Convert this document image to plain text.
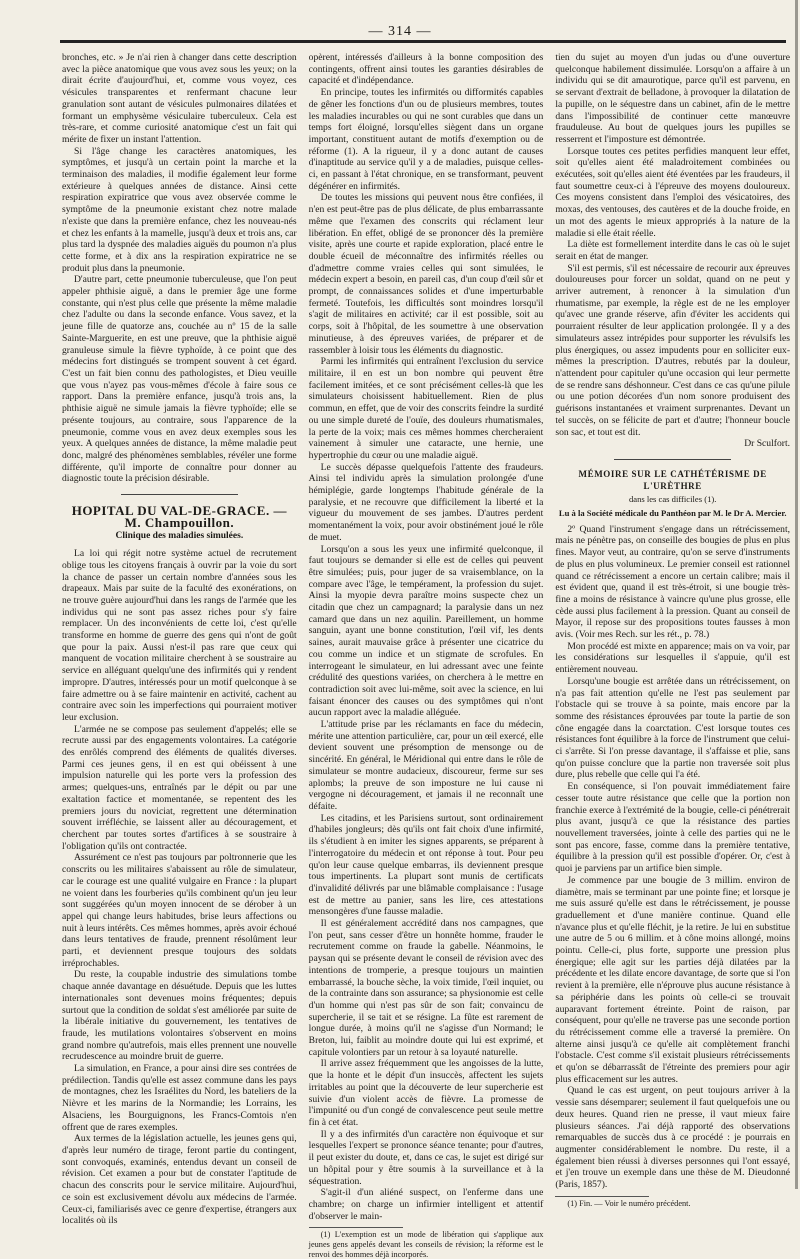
— 314 —

bronches, etc. » Je n'ai rien à changer dans cette description avec la pièce anatomique que vous avez sous les yeux; on la dirait écrite d'aujourd'hui, et, comme vous voyez, ces vésicules transparentes et renfermant chacune leur granulation sont autant de vésicules pulmonaires dilatées et formant un emphysème vésiculaire tuberculeux. Cela est très-rare, et comme curiosité anatomique c'est un fait qui mérite de fixer un instant l'attention.

Si l'âge change les caractères anatomiques, les symptômes, et jusqu'à un certain point la marche et la terminaison des maladies, il modifie également leur forme extérieure à quelques années de distance. Ainsi cette respiration expiratrice que vous avez observée comme le symptôme de la pneumonie existant chez notre malade n'existe que dans la première enfance, chez les nouveau-nés et chez les enfants à la mamelle, jusqu'à deux et trois ans, car plus tard la dyspnée des maladies aiguës du poumon n'a plus cette forme, et à dix ans la respiration expiratrice ne se produit plus dans la pneumonie.

D'autre part, cette pneumonie tuberculeuse, que l'on peut appeler phthisie aiguë, a dans le premier âge une forme constante, qui n'est plus celle que présente la même maladie chez l'adulte ou dans la seconde enfance. Vous savez, et la jeune fille de quatorze ans, couchée au nº 15 de la salle Sainte-Marguerite, en est une preuve, que la phthisie aiguë granuleuse simule la fièvre typhoïde, à ce point que des médecins fort distingués se trompent souvent à cet égard. C'est un fait bien connu des pathologistes, et Dieu veuille que vous n'ayez pas vous-mêmes d'école à faire sous ce rapport. Dans la première enfance, jusqu'à trois ans, la phthisie aiguë ne simule jamais la fièvre typhoïde; elle se présente toujours, au contraire, sous l'apparence de la pneumonie, comme vous en avez deux exemples sous les yeux. A quelques années de distance, la même maladie peut donc, malgré des phénomènes semblables, révéler une forme différente, qu'il importe de connaître pour donner au diagnostic toute la précision désirable.

HOPITAL DU VAL-DE-GRACE. — M. Champouillon.
Clinique des maladies simulées.

La loi qui régit notre système actuel de recrutement oblige tous les citoyens français à ouvrir par la voie du sort la chance de passer un certain nombre d'années sous les drapeaux. Mais par suite de la faculté des exonérations, on ne trouve guère aujourd'hui dans les rangs de l'armée que les individus qui ne sont pas assez riches pour s'y faire remplacer. Un des inconvénients de cette loi, c'est qu'elle transforme en homme de guerre des gens qui n'ont de goût que pour la paix. Aussi n'est-il pas rare que ceux qui manquent de vocation militaire cherchent à se soustraire au service en alléguant quelqu'une des infirmités qui y rendent impropre. D'autres, intéressés pour un motif quelconque à se faire admettre ou à se faire maintenir en activité, cachent au contraire avec soin les imperfections qui pourraient motiver leur exclusion.

L'armée ne se compose pas seulement d'appelés; elle se recrute aussi par des engagements volontaires. La catégorie des enrôlés comprend des éléments de qualités diverses. Parmi ces jeunes gens, il en est qui obéissent à une impulsion naturelle qui les porte vers la profession des armes; quelques-uns, entraînés par le dépit ou par une exaltation factice et momentanée, se repentent des les premiers jours du noviciat, regrettent une détermination souvent irréfléchie, se laissent aller au découragement, et cherchent par toutes sortes d'artifices à se soustraire à l'obligation qu'ils ont contractée.

Assurément ce n'est pas toujours par poltronnerie que les conscrits ou les militaires s'abaissent au rôle de simulateur, car le courage est une qualité vulgaire en France : la plupart ne voient dans les fourberies qu'ils combinent qu'un jeu leur sont suggérées qu'un moyen innocent de se dérober à un appel qui change leurs habitudes, brise leurs affections ou nuit à leurs intérêts. Ces mêmes hommes, après avoir échoué dans leurs tentatives de fraude, prennent résolûment leur parti, et deviennent presque toujours des soldats irréprochables.

Du reste, la coupable industrie des simulations tombe chaque année davantage en désuétude. Depuis que les luttes internationales sont devenues moins fréquentes; depuis surtout que la condition de soldat s'est améliorée par suite de la libérale initiative du gouvernement, les tentatives de fraude, les mutilations volontaires s'observent en moins grand nombre qu'autrefois, mais elles prennent une nouvelle recrudescence au moindre bruit de guerre.

La simulation, en France, a pour ainsi dire ses contrées de prédilection. Tandis qu'elle est assez commune dans les pays de montagnes, chez les Israélites du Nord, les bateliers de la Nièvre et les marins de la Normandie; les Lorrains, les Alsaciens, les Bourguignons, les Francs-Comtois n'en offrent que de rares exemples.

Aux termes de la législation actuelle, les jeunes gens qui, d'après leur numéro de tirage, feront partie du contingent, sont convoqués, examinés, entendus devant un conseil de révision. Cet examen a pour but de constater l'aptitude de chacun des conscrits pour le service militaire. Aujourd'hui, ce soin est exclusivement dévolu aux médecins de l'armée. Ceux-ci, familiarisés avec ce genre d'expertise, étrangers aux localités où ils

opèrent, intéressés d'ailleurs à la bonne composition des contingents, offrent ainsi toutes les garanties désirables de capacité et d'indépendance.

En principe, toutes les infirmités ou difformités capables de gêner les fonctions d'un ou de plusieurs membres, toutes les maladies incurables ou qui ne sont curables que dans un temps fort éloigné, lorsqu'elles siègent dans un organe important, constituent autant de motifs d'exemption ou de réforme (1). A la rigueur, il y a donc autant de causes d'inaptitude au service qu'il y a de maladies, puisque celles-ci, en passant à l'état chronique, en se transformant, peuvent dégénérer en infirmités.

De toutes les missions qui peuvent nous être confiées, il n'en est peut-être pas de plus délicate, de plus embarrassante même que l'examen des conscrits qui réclament leur libération. En effet, obligé de se prononcer dès la première visite, après une courte et rapide exploration, placé entre le double écueil de méconnaître des infirmités réelles ou d'admettre comme vraies celles qui sont simulées, le médecin expert a besoin, en pareil cas, d'un coup d'œil sûr et prompt, de connaissances solides et d'une imperturbable fermeté. Toutefois, les difficultés sont moindres lorsqu'il s'agit de militaires en activité; car il est possible, soit au corps, soit à l'hôpital, de les soumettre à une observation minutieuse, à des épreuves variées, de préparer et de rassembler à loisir tous les éléments du diagnostic.

Parmi les infirmités qui entraînent l'exclusion du service militaire, il en est un bon nombre qui peuvent être facilement imitées, et ce sont précisément celles-là que les simulateurs choisissent habituellement. Rien de plus commun, en effet, que de voir des conscrits feindre la surdité ou une simple dureté de l'ouïe, des douleurs rhumatismales, la perte de la voix; mais ces mêmes hommes chercheraient vainement à simuler une cataracte, une hernie, une hypertrophie du cœur ou une maladie aiguë.

Le succès dépasse quelquefois l'attente des fraudeurs. Ainsi tel individu après la simulation prolongée d'une hémiplégie, garde longtemps l'habitude générale de la paralysie, et ne recouvre que difficilement la liberté et la vigueur du mouvement de ses jambes. D'autres perdent momentanément la voix, pour avoir obstinément joué le rôle de muet.

Lorsqu'on a sous les yeux une infirmité quelconque, il faut toujours se demander si elle est de celles qui peuvent être simulées; puis, pour juger de sa vraisemblance, on la compare avec l'âge, le tempérament, la profession du sujet. Ainsi la myopie devra paraître moins suspecte chez un citadin que chez un campagnard; la paralysie dans un nez camard que dans un nez aquilin. Pareillement, un homme sanguin, ayant une bonne constitution, l'œil vif, les dents saines, aurait mauvaise grâce à présenter une cicatrice du cou comme un indice et un stigmate de scrofules. En interrogeant le simulateur, en lui adressant avec une feinte crédulité des questions variées, on cherchera à le mettre en contradiction soit avec lui-même, soit avec la science, en lui faisant énoncer des causes ou des symptômes qui n'ont aucun rapport avec la maladie alléguée.

L'attitude prise par les réclamants en face du médecin, mérite une attention particulière, car, pour un œil exercé, elle devient souvent une présomption de mensonge ou de sincérité. En général, le Méridional qui entre dans le rôle de simulateur se montre audacieux, discoureur, ferme sur ses aplombs; la preuve de son imposture ne lui cause ni vergogne ni découragement, et jamais il ne reconnaît une défaite.

Les citadins, et les Parisiens surtout, sont ordinairement d'habiles jongleurs; dès qu'ils ont fait choix d'une infirmité, ils s'étudient à en imiter les signes apparents, se préparent à l'interrogatoire du médecin et ont réponse à tout. Pour peu qu'on leur cause quelque embarras, ils deviennent presque tous impertinents. La plupart sont munis de certificats d'invalidité délivrés par une blâmable complaisance : l'usage est de mettre au panier, sans les lire, ces attestations mensongères d'une fausse maladie.

Il est généralement accrédité dans nos campagnes, que l'on peut, sans cesser d'être un honnête homme, frauder le recrutement comme on fraude la gabelle. Néanmoins, le paysan qui se présente devant le conseil de révision avec des intentions de tromperie, a presque toujours un maintien embarrassé, la bouche sèche, la voix timide, l'œil inquiet, ou de la contrainte dans son assurance; sa physionomie est celle d'un homme qui n'est pas sûr de son fait; convaincu de supercherie, il se tait et se résigne. La fûte est rarement de longue durée, à moins qu'il ne s'agisse d'un Normand; le Breton, lui, faiblit au moindre doute qui lui est exprimé, et capitule volontiers par un retour à sa loyauté naturelle.

Il arrive assez fréquemment que les angoisses de la lutte, que la honte et le dépit d'un insuccès, affectent les sujets irritables au point que la découverte de leur supercherie est suivie d'un violent accès de fièvre. La promesse de l'impunité ou d'un congé de convalescence peut seule mettre fin à cet état.

Il y a des infirmités d'un caractère non équivoque et sur lesquelles l'expert se prononce séance tenante; pour d'autres, il peut exister du doute, et, dans ce cas, le sujet est dirigé sur un hôpital pour y être soumis à la surveillance et à la séquestration.

S'agit-il d'un aliéné suspect, on l'enferme dans une chambre; on charge un infirmier intelligent et attentif d'observer le main-

(1) L'exemption est un mode de libération qui s'applique aux jeunes gens appelés devant les conseils de révision; la réforme est le renvoi des hommes déjà incorporés.

tien du sujet au moyen d'un judas ou d'une ouverture quelconque habilement dissimulée. Lorsqu'on a affaire à un individu qui se dit amaurotique, parce qu'il est parvenu, en se servant d'extrait de belladone, à provoquer la dilatation de la pupille, on le séquestre dans un cabinet, afin de le mettre dans l'impossibilité de continuer cette manœuvre frauduleuse. Au bout de quelques jours les pupilles se resserrent et l'imposture est démontrée.

Lorsque toutes ces petites perfidies manquent leur effet, soit qu'elles aient été maladroitement combinées ou exécutées, soit qu'elles aient été éventées par les fraudeurs, il faut soumettre ceux-ci à l'épreuve des moyens douloureux. Ces moyens consistent dans l'emploi des vésicatoires, des moxas, des ventouses, des cautères et de la douche froide, en un mot des agents le mieux appropriés à la nature de la maladie si elle était réelle.

La diète est formellement interdite dans le cas où le sujet serait en état de manger.

S'il est permis, s'il est nécessaire de recourir aux épreuves douloureuses pour forcer un soldat, quand on ne peut y arriver autrement, à renoncer à la simulation d'un rhumatisme, par exemple, la règle est de ne les employer qu'avec une grande réserve, afin d'éviter les accidents qui pourraient résulter de leur application prolongée. Il y a des simulateurs assez intrépides pour supporter les révulsifs les plus énergiques, ou assez impudents pour en solliciter eux-mêmes la prescription. D'autres, rebutés par la douleur, n'attendent pour capituler qu'une occasion qui leur permette de se rendre sans déshonneur. C'est dans ce cas qu'une pilule ou une potion décorées d'un nom sonore produisent des guérisons instantanées et vraiment surprenantes. Devant un tel succès, on se félicite de part et d'autre; l'honneur boucle son sac, et tout est dit.

Dr Sculfort.

MÉMOIRE SUR LE CATHÉTÉRISME DE L'URÈTHRE
dans les cas difficiles (1).
Lu à la Société médicale du Panthéon par M. le Dr A. Mercier.

2º Quand l'instrument s'engage dans un rétrécissement, mais ne pénètre pas, on conseille des bougies de plus en plus fines. Mayor veut, au contraire, qu'on se serve d'instruments de plus en plus volumineux. Le premier conseil est rationnel quand ce rétrécissement a encore un certain calibre; mais il est évident que, quand il est très-étroit, si une bougie très-fine a moins de résistance à vaincre qu'une plus grosse, elle cède aussi plus facilement à la pression. Quant au conseil de Mayor, il repose sur des propositions toutes fausses à mon avis. (Voir mes Rech. sur les rét., p. 78.)

Mon procédé est mixte en apparence; mais on va voir, par les considérations sur lesquelles il s'appuie, qu'il est entièrement nouveau.

Lorsqu'une bougie est arrêtée dans un rétrécissement, on n'a pas fait attention qu'elle ne l'est pas seulement par l'obstacle qui se trouve à sa pointe, mais encore par la somme des résistances éprouvées par toute la partie de son cône engagée dans la coarctation. C'est lorsque toutes ces résistances font équilibre à la force de l'instrument que celui-ci s'arrête. Si l'on presse davantage, il s'affaisse et plie, sans qu'on puisse conclure que la partie non traversée soit plus dure, plus rebelle que celle qui l'a été.

En conséquence, si l'on pouvait immédiatement faire cesser toute autre résistance que celle que la portion non franchie exerce à l'extrémité de la bougie, celle-ci pénétrerait plus avant, jusqu'à ce que la résistance des parties nouvellement traversées, jointe à celle des parties qui ne le sont pas encore, fasse, comme dans la première tentative, équilibre à la pression qu'il est possible d'opérer. Or, c'est à quoi je parviens par un artifice bien simple.

Je commence par une bougie de 3 millim. environ de diamètre, mais se terminant par une pointe fine; et lorsque je me suis assuré qu'elle est dans le rétrécissement, je pousse graduellement et d'une manière continue. Quand elle n'avance plus et qu'elle fléchit, je la retire. Je lui en substitue une autre de 5 ou 6 millim. et à cône moins allongé, moins pointu. Celle-ci, plus forte, supporte une pression plus énergique; elle agit sur les parties déjà dilatées par la précédente et les dilate encore davantage, de sorte que si l'on revient à la première, elle n'éprouve plus aucune résistance à sa périphérie dans les points où celle-ci se trouvait auparavant fortement étreinte. Point de raison, par conséquent, pour qu'elle ne traverse pas une seconde portion du rétrécissement comme elle a traversé la première. On alterne ainsi jusqu'à ce qu'elle ait complètement franchi l'obstacle. C'est comme s'il existait plusieurs rétrécissements et qu'on se débarrassât de l'étreinte des premiers pour agir plus efficacement sur les autres.

Quand le cas est urgent, on peut toujours arriver à la vessie sans désemparer; seulement il faut quelquefois une ou deux heures. Quand rien ne presse, il vaut mieux faire plusieurs séances. J'ai déjà rapporté des observations remarquables de succès dus à ce procédé : je pourrais en augmenter considérablement le nombre. Du reste, il a également bien réussi à diverses personnes qui l'ont essayé, et j'en trouve un exemple dans une thèse de M. Dieudonné (Paris, 1857).

(1) Fin. — Voir le numéro précédent.
